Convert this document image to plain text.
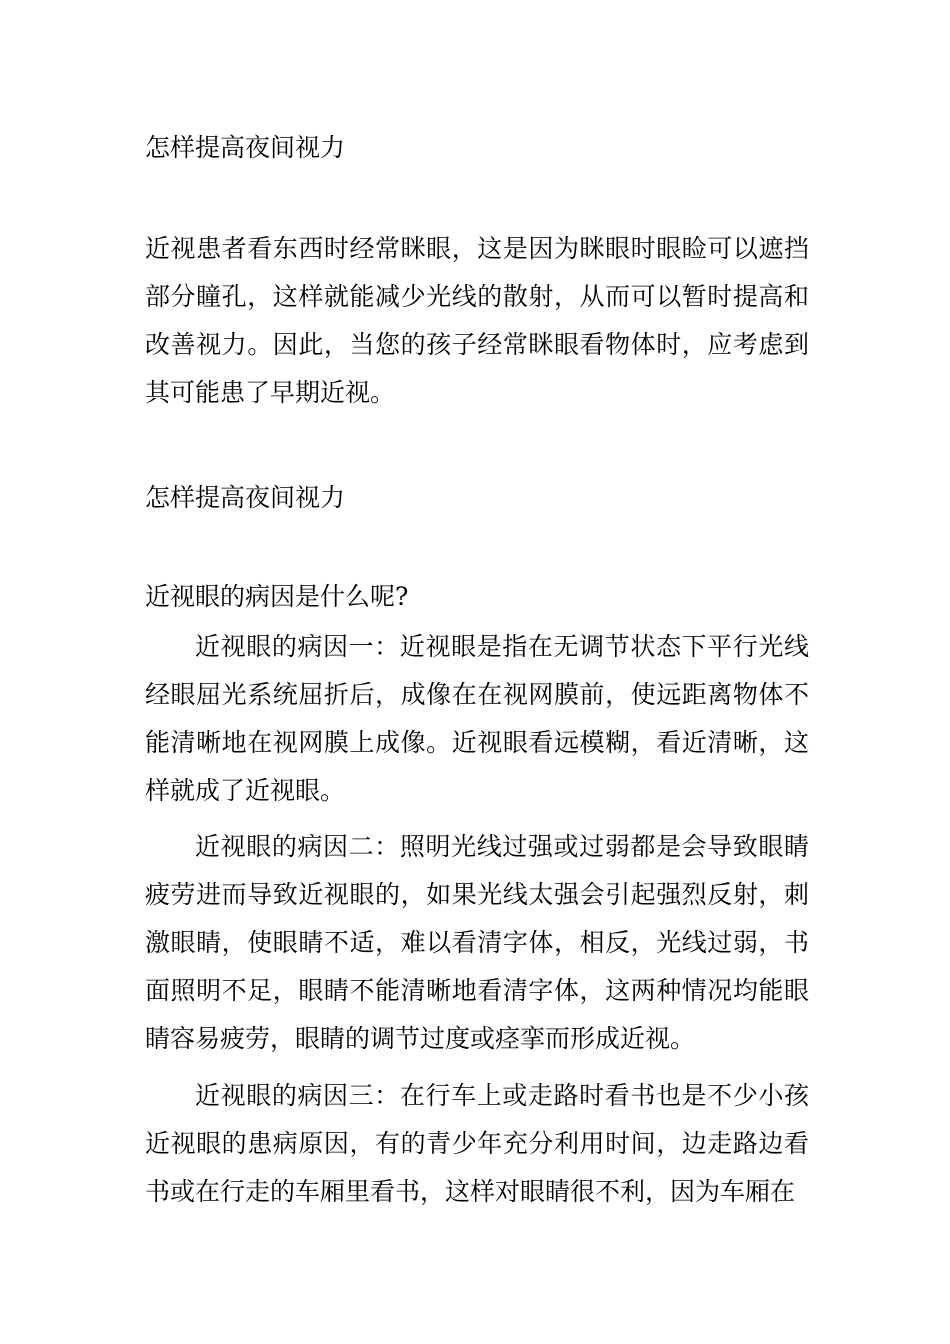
怎样提高夜间视力

近视患者看东西时经常眯眼，这是因为眯眼时眼睑可以遮挡部分瞳孔，这样就能减少光线的散射，从而可以暂时提高和改善视力。因此，当您的孩子经常眯眼看物体时，应考虑到其可能患了早期近视。

怎样提高夜间视力

近视眼的病因是什么呢?

近视眼的病因一：近视眼是指在无调节状态下平行光线经眼屈光系统屈折后，成像在在视网膜前，使远距离物体不能清晰地在视网膜上成像。近视眼看远模糊，看近清晰，这样就成了近视眼。

近视眼的病因二：照明光线过强或过弱都是会导致眼睛疲劳进而导致近视眼的，如果光线太强会引起强烈反射，刺激眼睛，使眼睛不适，难以看清字体，相反，光线过弱，书面照明不足，眼睛不能清晰地看清字体，这两种情况均能眼睛容易疲劳，眼睛的调节过度或痉挛而形成近视。

近视眼的病因三：在行车上或走路时看书也是不少小孩近视眼的患病原因，有的青少年充分利用时间，边走路边看书或在行走的车厢里看书，这样对眼睛很不利，因为车厢在
